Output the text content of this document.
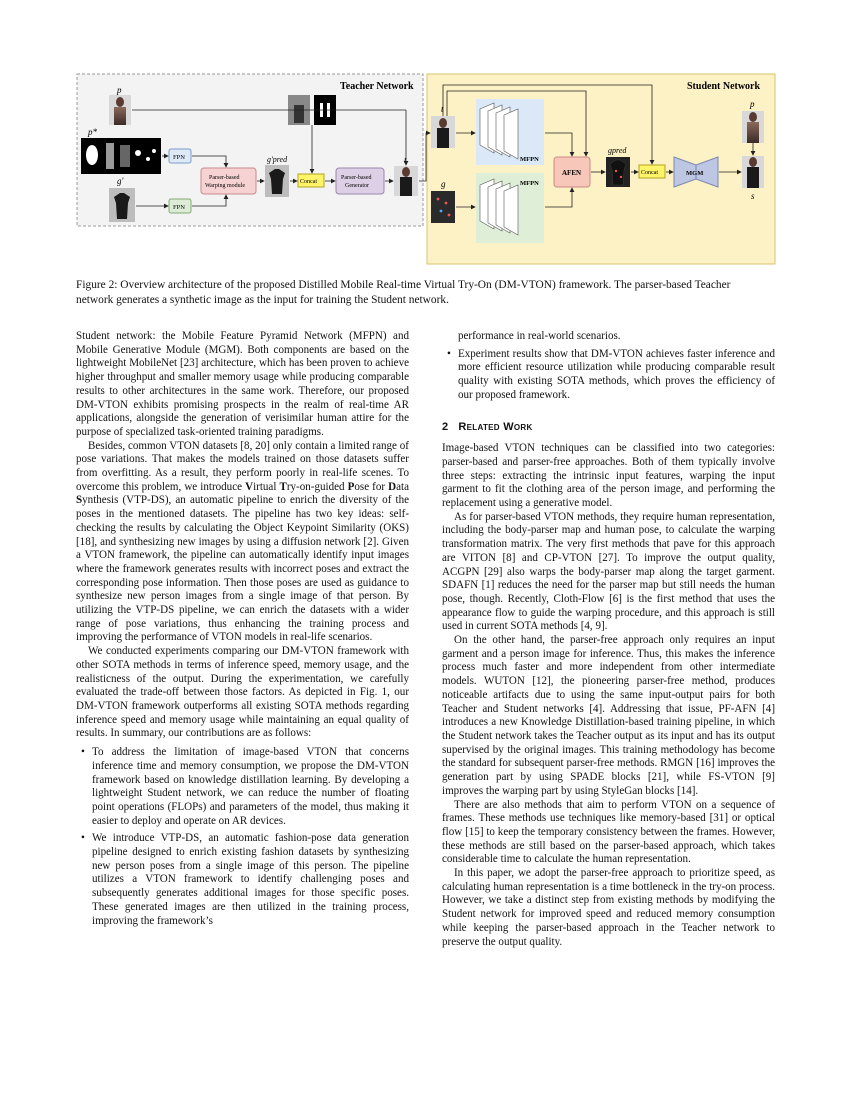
Teacher Network	Student Network
p
p*
g'
FPN
FPN
Parser-based
Warping module
g'pred
Concat
Parser-based
Generator
t
t
g
MFPN
MFPN
AFEN
gpred
Concat	MGM
p
s
Figure 2: Overview architecture of the proposed Distilled Mobile Real-time Virtual Try-On (DM-VTON) framework. The parser-based Teacher
network generates a synthetic image as the input for training the Student network.

Student network: the Mobile Feature Pyramid Network (MFPN) and Mobile Generative Module (MGM). Both components are based on the lightweight MobileNet [23] architecture, which has been proven to achieve higher throughput and smaller memory usage while producing comparable results to other architectures in the same work. Therefore, our proposed DM-VTON exhibits promising prospects in the realm of real-time AR applications, alongside the generation of verisimilar human attire for the purpose of specialized task-oriented training paradigms.

Besides, common VTON datasets [8, 20] only contain a limited range of pose variations. That makes the models trained on those datasets suffer from overfitting. As a result, they perform poorly in real-life scenes. To overcome this problem, we introduce Virtual Try-on-guided Pose for Data Synthesis (VTP-DS), an automatic pipeline to enrich the diversity of the poses in the mentioned datasets. The pipeline has two key ideas: self-checking the results by calculating the Object Keypoint Similarity (OKS) [18], and synthesizing new images by using a diffusion network [2]. Given a VTON framework, the pipeline can automatically identify input images where the framework generates results with incorrect poses and extract the corresponding pose information. Then those poses are used as guidance to synthesize new person images from a single image of that person. By utilizing the VTP-DS pipeline, we can enrich the datasets with a wider range of pose variations, thus enhancing the training process and improving the performance of VTON models in real-life scenarios.

We conducted experiments comparing our DM-VTON framework with other SOTA methods in terms of inference speed, memory usage, and the realisticness of the output. During the experimentation, we carefully evaluated the trade-off between those factors. As depicted in Fig. 1, our DM-VTON framework outperforms all existing SOTA methods regarding inference speed and memory usage while maintaining an equal quality of results. In summary, our contributions are as follows:

• To address the limitation of image-based VTON that concerns inference time and memory consumption, we propose the DM-VTON framework based on knowledge distillation learning. By developing a lightweight Student network, we can reduce the number of floating point operations (FLOPs) and parameters of the model, thus making it easier to deploy and operate on AR devices.
• We introduce VTP-DS, an automatic fashion-pose data generation pipeline designed to enrich existing fashion datasets by synthesizing new person poses from a single image of this person. The pipeline utilizes a VTON framework to identify challenging poses and subsequently generates additional images for those specific poses. These generated images are then utilized in the training process, improving the framework’s

performance in real-world scenarios.

• Experiment results show that DM-VTON achieves faster inference and more efficient resource utilization while producing comparable result quality with existing SOTA methods, which proves the efficiency of our proposed framework.
2 Related Work

Image-based VTON techniques can be classified into two categories: parser-based and parser-free approaches. Both of them typically involve three steps: extracting the intrinsic input features, warping the input garment to fit the clothing area of the person image, and performing the replacement using a generative model.

As for parser-based VTON methods, they require human representation, including the body-parser map and human pose, to calculate the warping transformation matrix. The very first methods that pave for this approach are VITON [8] and CP-VTON [27]. To improve the output quality, ACGPN [29] also warps the body-parser map along the target garment. SDAFN [1] reduces the need for the parser map but still needs the human pose, though. Recently, Cloth-Flow [6] is the first method that uses the appearance flow to guide the warping procedure, and this approach is still used in current SOTA methods [4, 9].

On the other hand, the parser-free approach only requires an input garment and a person image for inference. Thus, this makes the inference process much faster and more independent from other intermediate models. WUTON [12], the pioneering parser-free method, produces noticeable artifacts due to using the same input-output pairs for both Teacher and Student networks [4]. Addressing that issue, PF-AFN [4] introduces a new Knowledge Distillation-based training pipeline, in which the Student network takes the Teacher output as its input and has its output supervised by the original images. This training methodology has become the standard for subsequent parser-free methods. RMGN [16] improves the generation part by using SPADE blocks [21], while FS-VTON [9] improves the warping part by using StyleGan blocks [14].

There are also methods that aim to perform VTON on a sequence of frames. These methods use techniques like memory-based [31] or optical flow [15] to keep the temporary consistency between the frames. However, these methods are still based on the parser-based approach, which takes considerable time to calculate the human representation.

In this paper, we adopt the parser-free approach to prioritize speed, as calculating human representation is a time bottleneck in the try-on process. However, we take a distinct step from existing methods by modifying the Student network for improved speed and reduced memory consumption while keeping the parser-based approach in the Teacher network to preserve the output quality.
